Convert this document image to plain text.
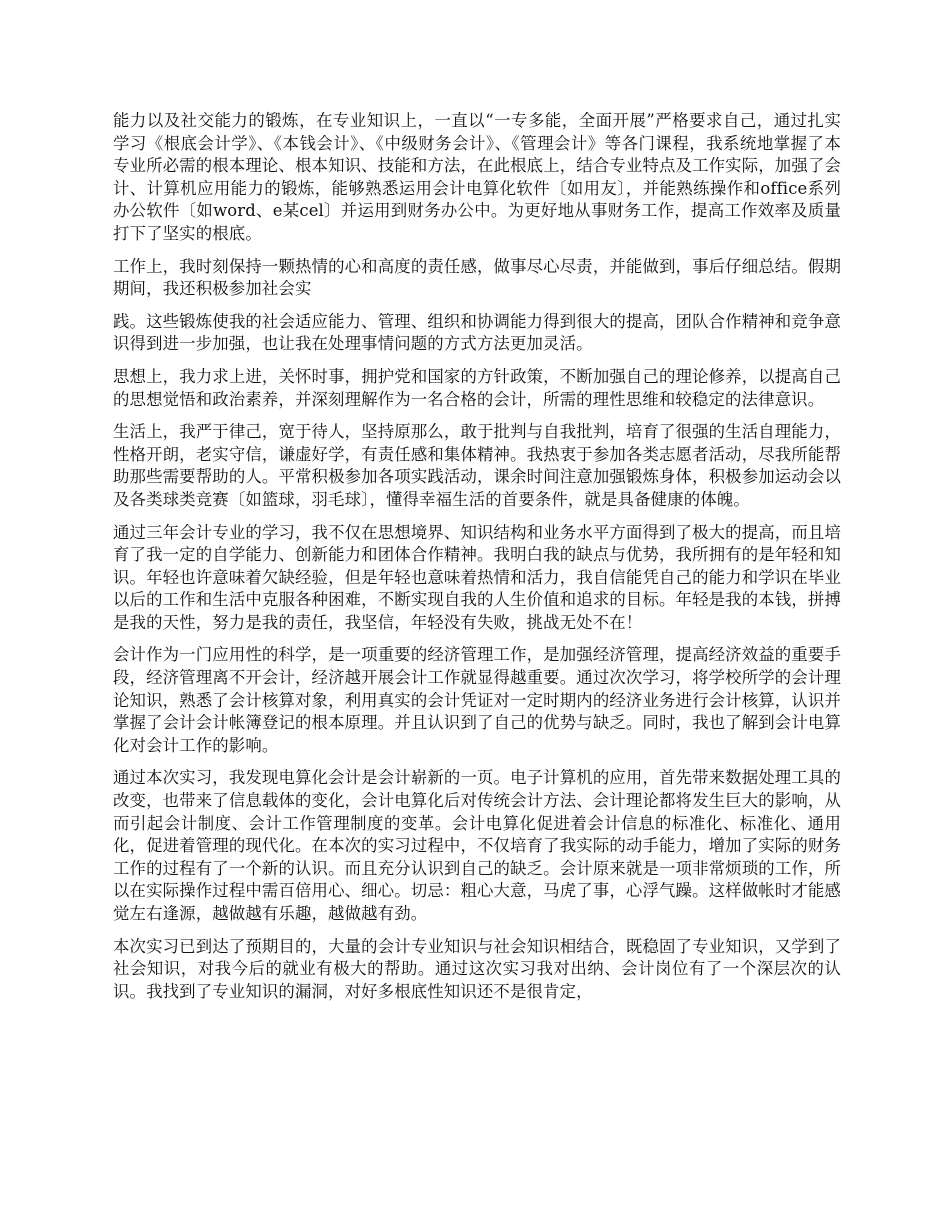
能力以及社交能力的锻炼，在专业知识上，一直以“一专多能，全面开展”严格要求自己，通过扎实学习《根底会计学》、《本钱会计》、《中级财务会计》、《管理会计》等各门课程，我系统地掌握了本专业所必需的根本理论、根本知识、技能和方法，在此根底上，结合专业特点及工作实际，加强了会计、计算机应用能力的锻炼，能够熟悉运用会计电算化软件〔如用友〕，并能熟练操作和office系列办公软件〔如word、e某cel〕并运用到财务办公中。为更好地从事财务工作，提高工作效率及质量打下了坚实的根底。

工作上，我时刻保持一颗热情的心和高度的责任感，做事尽心尽责，并能做到，事后仔细总结。假期期间，我还积极参加社会实

践。这些锻炼使我的社会适应能力、管理、组织和协调能力得到很大的提高，团队合作精神和竞争意识得到进一步加强，也让我在处理事情问题的方式方法更加灵活。

思想上，我力求上进，关怀时事，拥护党和国家的方针政策，不断加强自己的理论修养，以提高自己的思想觉悟和政治素养，并深刻理解作为一名合格的会计，所需的理性思维和较稳定的法律意识。

生活上，我严于律己，宽于待人，坚持原那么，敢于批判与自我批判，培育了很强的生活自理能力，性格开朗，老实守信，谦虚好学，有责任感和集体精神。我热衷于参加各类志愿者活动，尽我所能帮助那些需要帮助的人。平常积极参加各项实践活动，课余时间注意加强锻炼身体，积极参加运动会以及各类球类竞赛〔如篮球，羽毛球〕，懂得幸福生活的首要条件，就是具备健康的体魄。

通过三年会计专业的学习，我不仅在思想境界、知识结构和业务水平方面得到了极大的提高，而且培育了我一定的自学能力、创新能力和团体合作精神。我明白我的缺点与优势，我所拥有的是年轻和知识。年轻也许意味着欠缺经验，但是年轻也意味着热情和活力，我自信能凭自己的能力和学识在毕业以后的工作和生活中克服各种困难，不断实现自我的人生价值和追求的目标。年轻是我的本钱，拼搏是我的天性，努力是我的责任，我坚信，年轻没有失败，挑战无处不在！

会计作为一门应用性的科学，是一项重要的经济管理工作，是加强经济管理，提高经济效益的重要手段，经济管理离不开会计，经济越开展会计工作就显得越重要。通过次次学习，将学校所学的会计理论知识，熟悉了会计核算对象，利用真实的会计凭证对一定时期内的经济业务进行会计核算，认识并掌握了会计会计帐簿登记的根本原理。并且认识到了自己的优势与缺乏。同时，我也了解到会计电算化对会计工作的影响。

通过本次实习，我发现电算化会计是会计崭新的一页。电子计算机的应用，首先带来数据处理工具的改变，也带来了信息载体的变化，会计电算化后对传统会计方法、会计理论都将发生巨大的影响，从而引起会计制度、会计工作管理制度的变革。会计电算化促进着会计信息的标准化、标准化、通用化，促进着管理的现代化。在本次的实习过程中，不仅培育了我实际的动手能力，增加了实际的财务工作的过程有了一个新的认识。而且充分认识到自己的缺乏。会计原来就是一项非常烦琐的工作，所以在实际操作过程中需百倍用心、细心。切忌：粗心大意，马虎了事，心浮气躁。这样做帐时才能感觉左右逢源，越做越有乐趣，越做越有劲。

本次实习已到达了预期目的，大量的会计专业知识与社会知识相结合，既稳固了专业知识，又学到了社会知识，对我今后的就业有极大的帮助。通过这次实习我对出纳、会计岗位有了一个深层次的认识。我找到了专业知识的漏洞，对好多根底性知识还不是很肯定，
